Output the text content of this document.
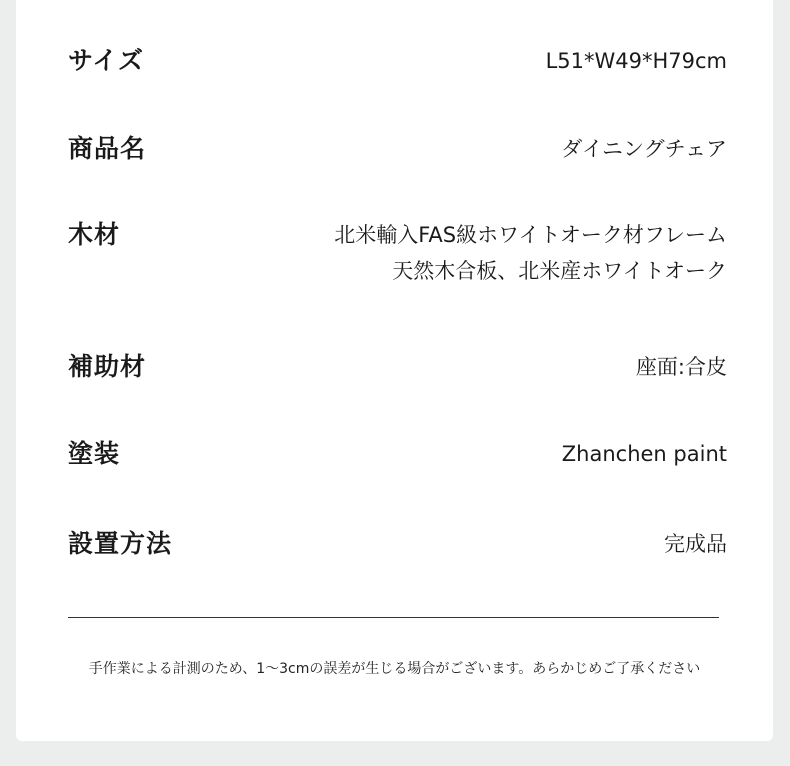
サイズ	L51*W49*H79cm
商品名	ダイニングチェア
木材	北米輸入FAS級ホワイトオーク材フレーム
天然木合板、北米産ホワイトオーク
補助材	座面:合皮
塗装	Zhanchen paint
設置方法	完成品
手作業による計測のため、1〜3cmの誤差が生じる場合がございます。あらかじめご了承ください
